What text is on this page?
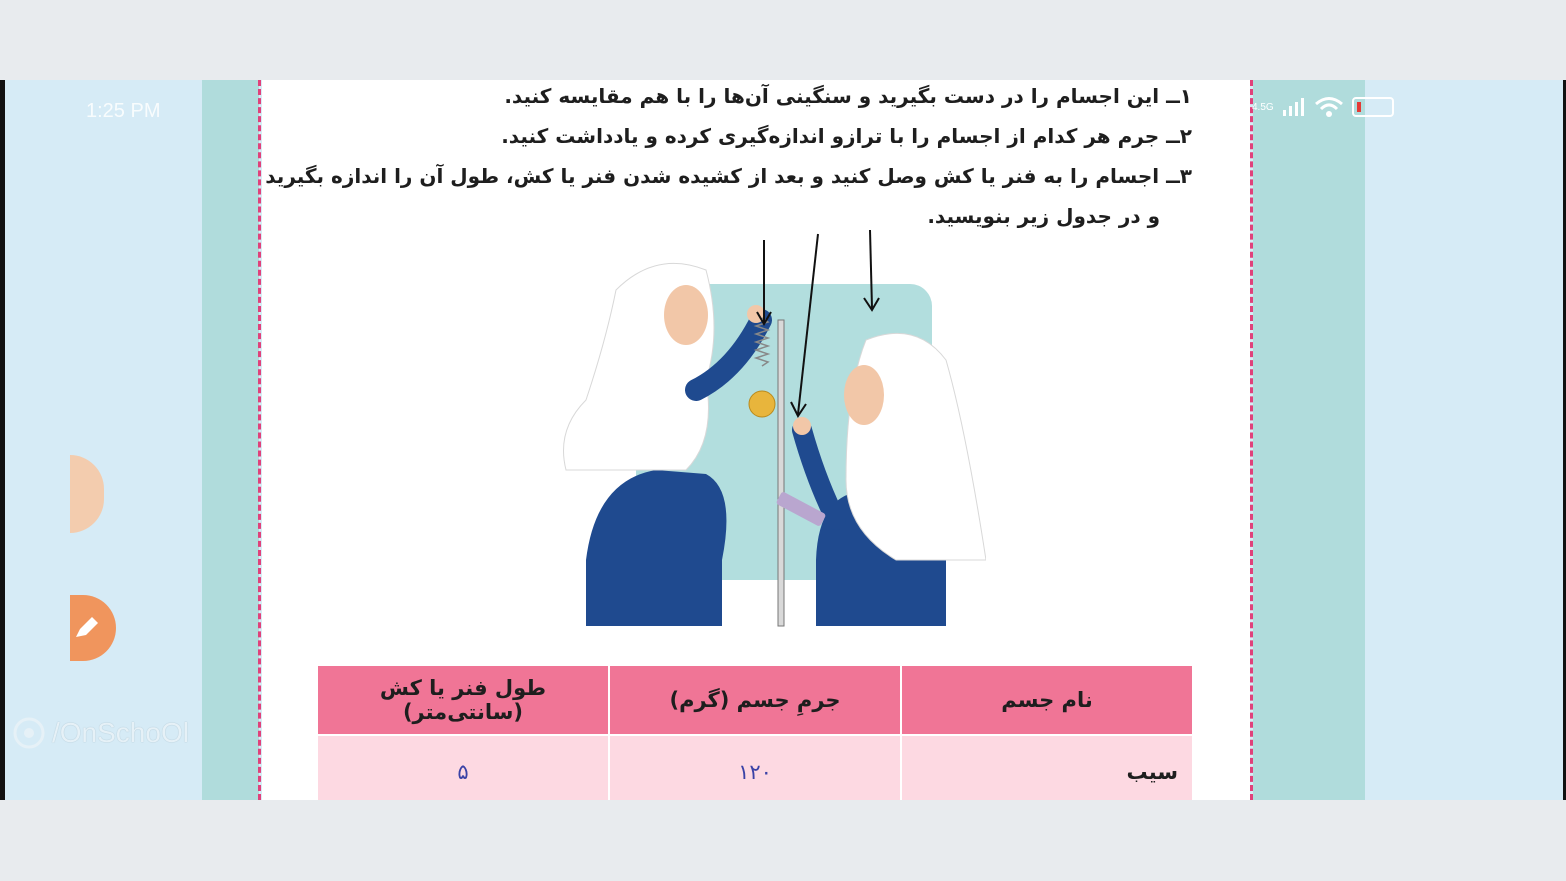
1:25 PM	4.5G
/OnSchoOl
۱ــ این اجسام را در دست بگیرید و سنگینی آن‌ها را با هم مقایسه کنید.
۲ــ جرم هر کدام از اجسام را با ترازو اندازه‌گیری کرده و یادداشت کنید.
۳ــ اجسام را به فنر یا کش وصل کنید و بعد از کشیده شدن فنر یا کش، طول آن را اندازه بگیرید
و در جدول زیر بنویسید.
نام جسم	جرمِ جسم (گرم)	طول فنر یا کش (سانتی‌متر)
سیب	۱۲۰	۵
